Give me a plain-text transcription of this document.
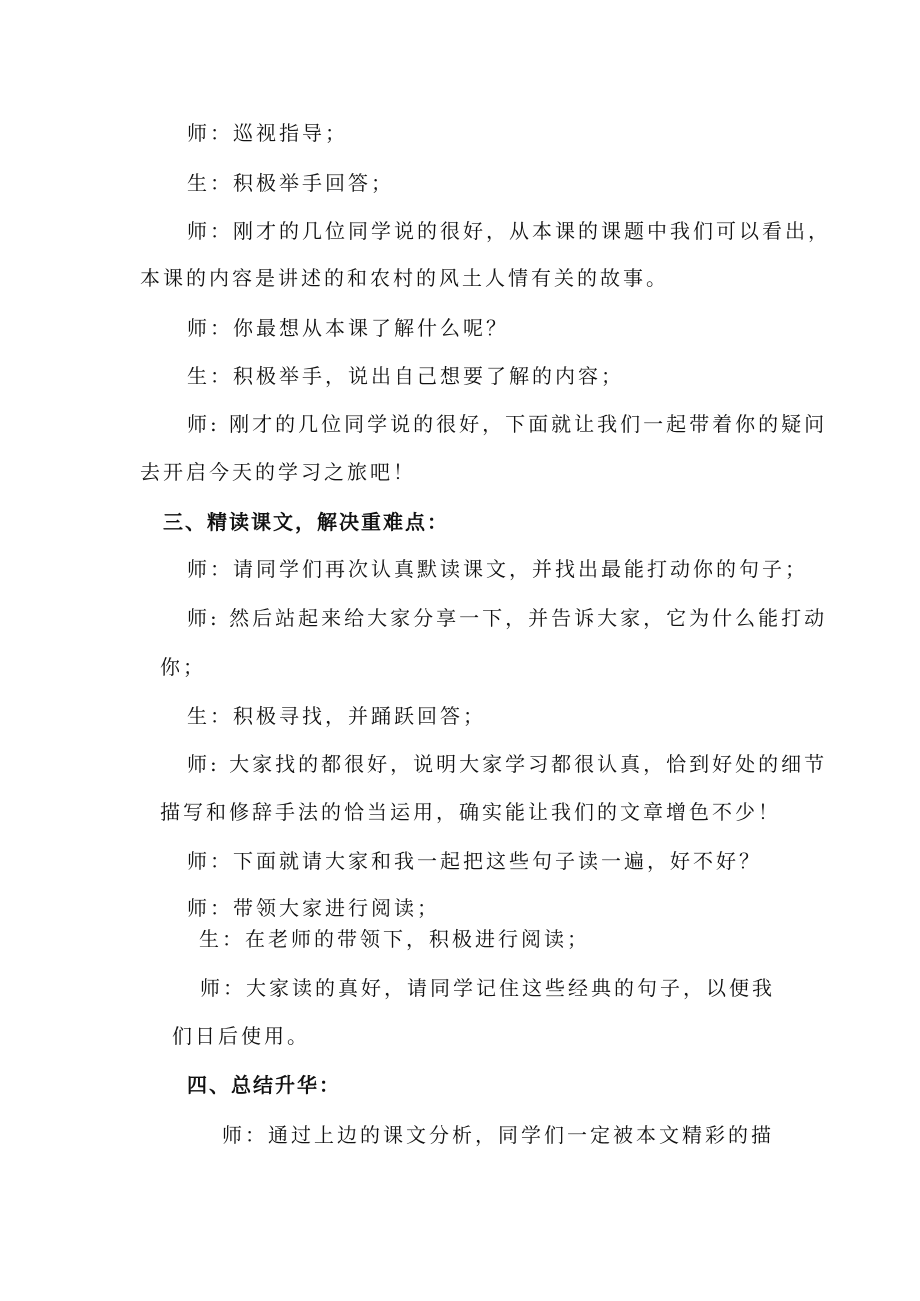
师：巡视指导；

生：积极举手回答；

师：刚才的几位同学说的很好，从本课的课题中我们可以看出，

本课的内容是讲述的和农村的风土人情有关的故事。

师：你最想从本课了解什么呢？

生：积极举手，说出自己想要了解的内容；

师: 刚才的几位同学说的很好，下面就让我们一起带着你的疑问

去开启今天的学习之旅吧！

三、精读课文，解决重难点：

师：请同学们再次认真默读课文，并找出最能打动你的句子；

师: 然后站起来给大家分享一下，并告诉大家，它为什么能打动

你；

生：积极寻找，并踊跃回答；

师: 大家找的都很好，说明大家学习都很认真，恰到好处的细节

描写和修辞手法的恰当运用，确实能让我们的文章增色不少！

师：下面就请大家和我一起把这些句子读一遍，好不好？

师：带领大家进行阅读；

生：在老师的带领下，积极进行阅读；

师：大家读的真好，请同学记住这些经典的句子，以便我

们日后使用。

四、总结升华：

师：通过上边的课文分析，同学们一定被本文精彩的描
